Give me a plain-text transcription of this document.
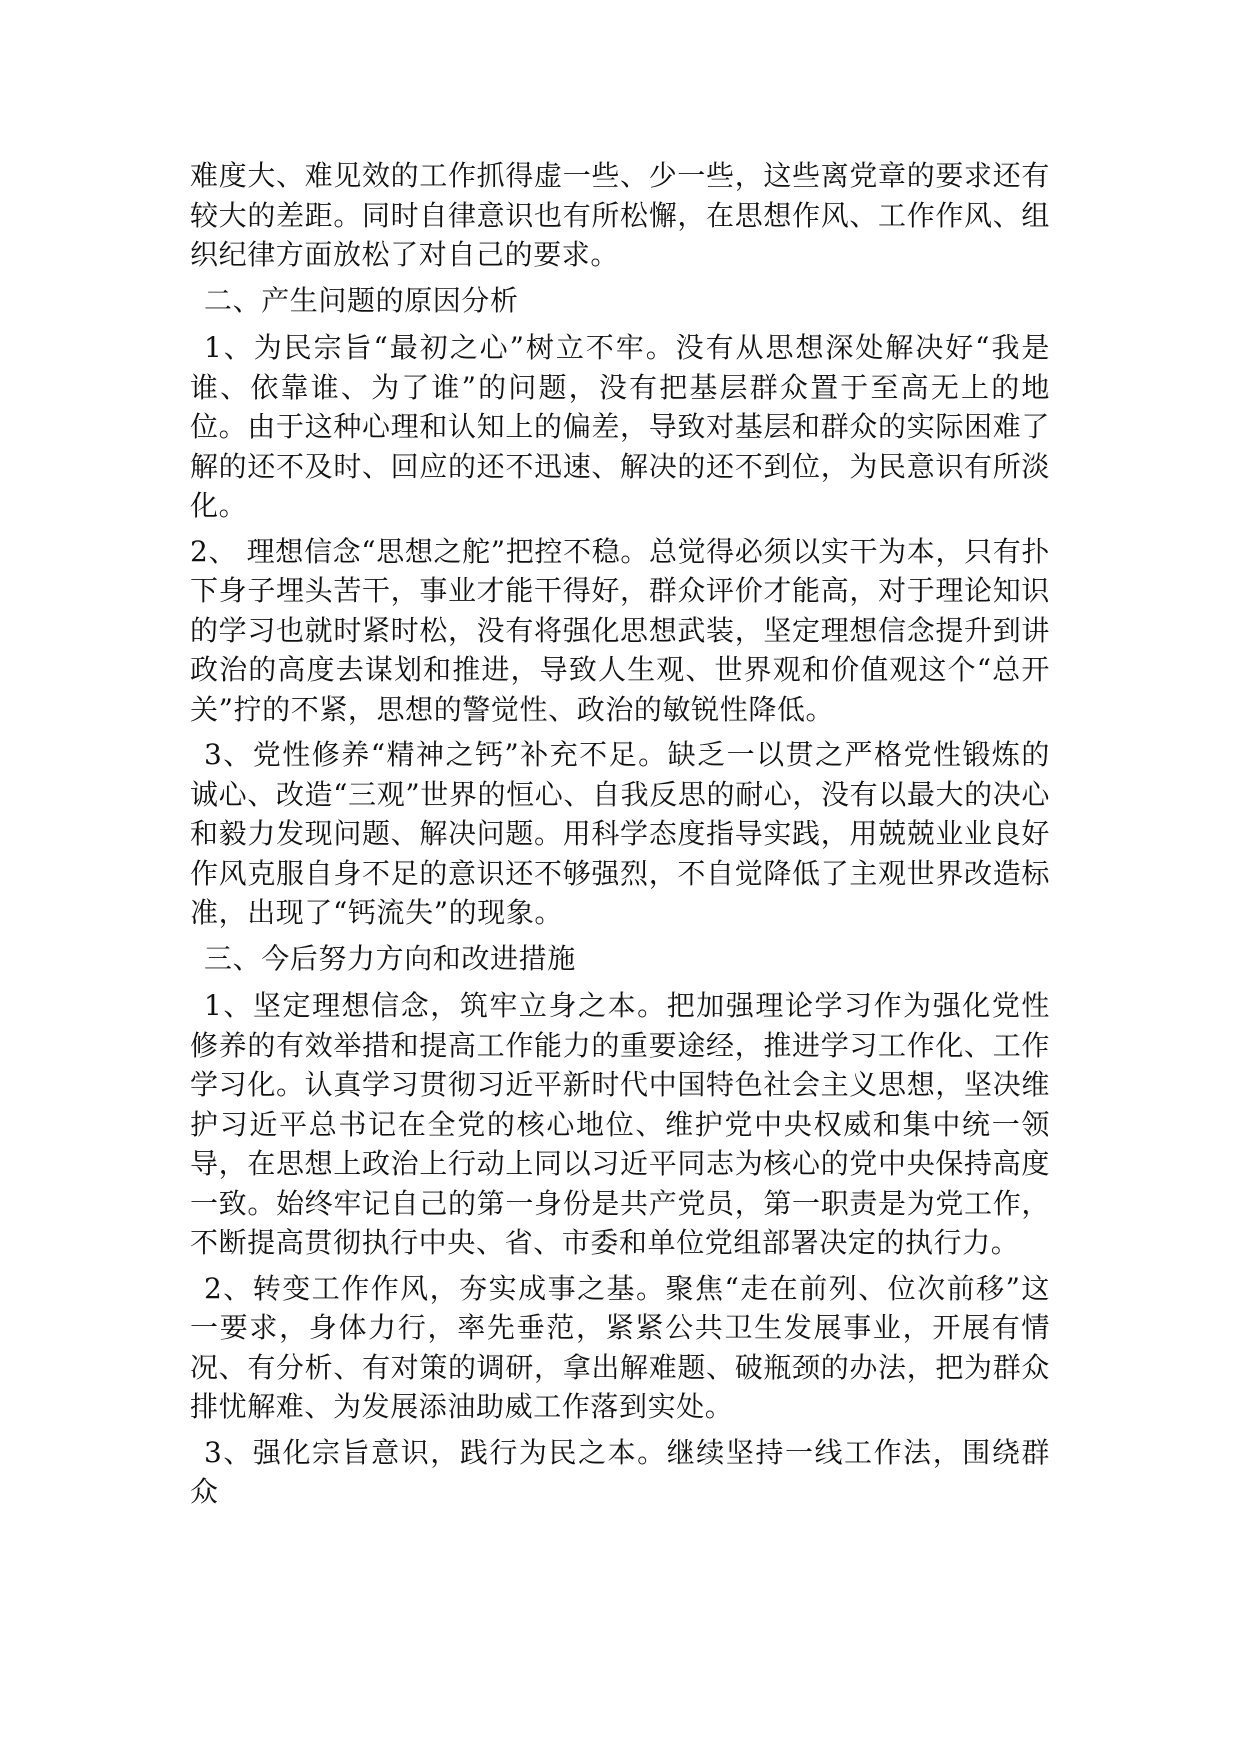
难度大、难见效的工作抓得虚一些、少一些，这些离党章的要求还有较大的差距。同时自律意识也有所松懈，在思想作风、工作作风、组织纪律方面放松了对自己的要求。

二、产生问题的原因分析

1、为民宗旨“最初之心”树立不牢。没有从思想深处解决好“我是谁、依靠谁、为了谁”的问题，没有把基层群众置于至高无上的地位。由于这种心理和认知上的偏差，导致对基层和群众的实际困难了解的还不及时、回应的还不迅速、解决的还不到位，为民意识有所淡化。

2、 理想信念“思想之舵”把控不稳。总觉得必须以实干为本，只有扑下身子埋头苦干，事业才能干得好，群众评价才能高，对于理论知识的学习也就时紧时松，没有将强化思想武装，坚定理想信念提升到讲政治的高度去谋划和推进，导致人生观、世界观和价值观这个“总开关”拧的不紧，思想的警觉性、政治的敏锐性降低。

3、党性修养“精神之钙”补充不足。缺乏一以贯之严格党性锻炼的诚心、改造“三观”世界的恒心、自我反思的耐心，没有以最大的决心和毅力发现问题、解决问题。用科学态度指导实践，用兢兢业业良好作风克服自身不足的意识还不够强烈，不自觉降低了主观世界改造标准，出现了“钙流失”的现象。

三、今后努力方向和改进措施

1、坚定理想信念，筑牢立身之本。把加强理论学习作为强化党性修养的有效举措和提高工作能力的重要途经，推进学习工作化、工作学习化。认真学习贯彻习近平新时代中国特色社会主义思想，坚决维护习近平总书记在全党的核心地位、维护党中央权威和集中统一领导，在思想上政治上行动上同以习近平同志为核心的党中央保持高度一致。始终牢记自己的第一身份是共产党员，第一职责是为党工作，不断提高贯彻执行中央、省、市委和单位党组部署决定的执行力。

2、转变工作作风，夯实成事之基。聚焦“走在前列、位次前移”这一要求，身体力行，率先垂范，紧紧公共卫生发展事业，开展有情况、有分析、有对策的调研，拿出解难题、破瓶颈的办法，把为群众排忧解难、为发展添油助威工作落到实处。

3、强化宗旨意识，践行为民之本。继续坚持一线工作法，围绕群众
